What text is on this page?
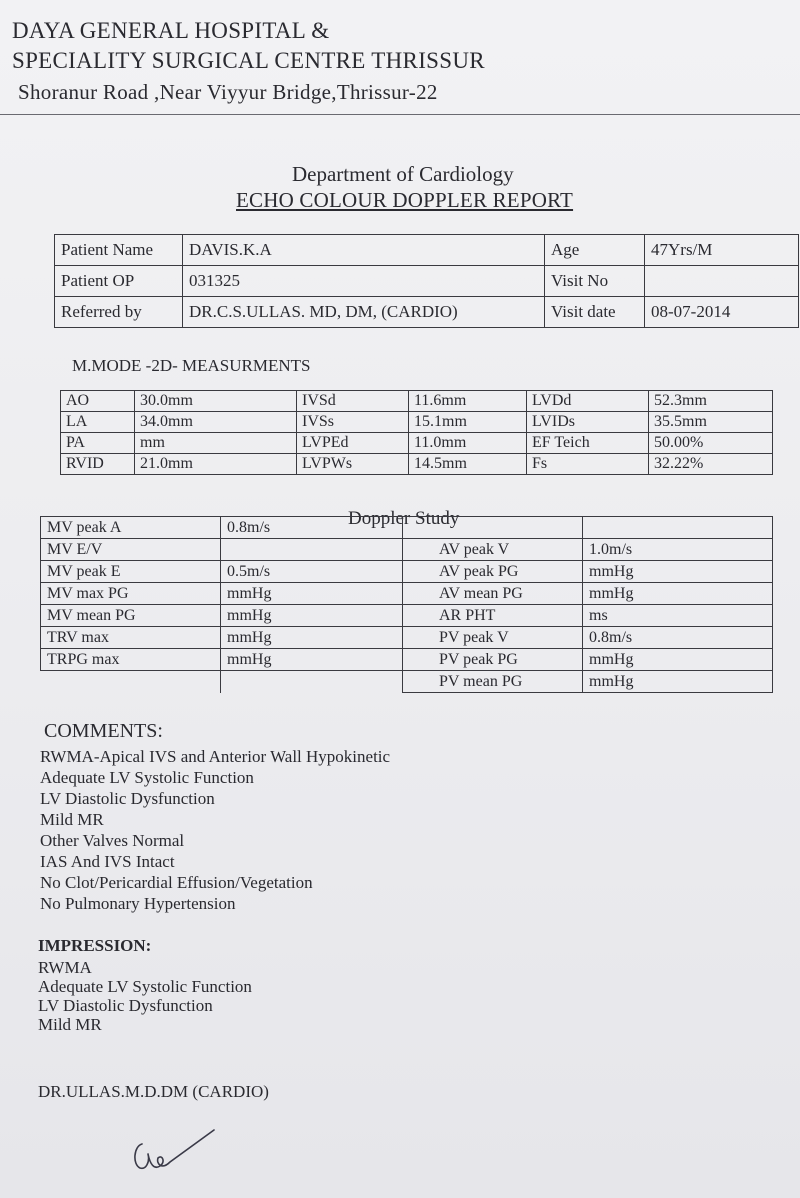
DAYA GENERAL HOSPITAL &
SPECIALITY SURGICAL CENTRE THRISSUR
Shoranur Road ,Near Viyyur Bridge,Thrissur-22
Department of Cardiology
ECHO COLOUR DOPPLER REPORT
Patient Name	DAVIS.K.A	Age	47Yrs/M
Patient OP	031325	Visit No	
Referred by	DR.C.S.ULLAS. MD, DM, (CARDIO)	Visit date	08-07-2014
M.MODE -2D- MEASURMENTS
AO	30.0mm	IVSd	11.6mm	LVDd	52.3mm
LA	34.0mm	IVSs	15.1mm	LVIDs	35.5mm
PA	mm	LVPEd	11.0mm	EF Teich	50.00%
RVID	21.0mm	LVPWs	14.5mm	Fs	32.22%
Doppler Study
MV peak A	0.8m/s		
MV E/V		AV peak V	1.0m/s
MV peak E	0.5m/s	AV peak PG	mmHg
MV max PG	mmHg	AV mean PG	mmHg
MV mean PG	mmHg	AR PHT	ms
TRV max	mmHg	PV peak V	0.8m/s
TRPG max	mmHg	PV peak PG	mmHg
		PV mean PG	mmHg
COMMENTS:
RWMA-Apical IVS and Anterior Wall Hypokinetic
Adequate LV Systolic Function
LV Diastolic Dysfunction
Mild MR
Other Valves Normal
IAS And IVS Intact
No Clot/Pericardial Effusion/Vegetation
No Pulmonary Hypertension
IMPRESSION:
RWMA
Adequate LV Systolic Function
LV Diastolic Dysfunction
Mild MR
DR.ULLAS.M.D.DM (CARDIO)
